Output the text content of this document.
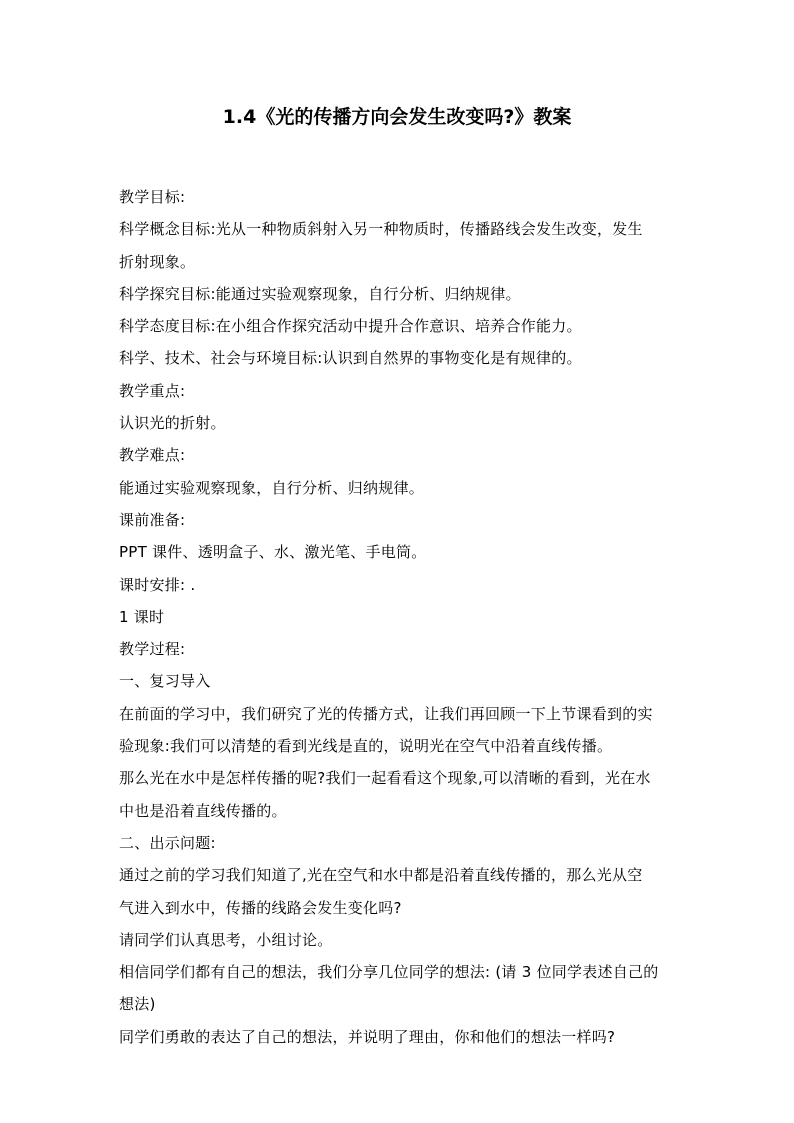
1.4《光的传播方向会发生改变吗?》教案
教学目标:
科学概念目标:光从一种物质斜射入另一种物质时，传播路线会发生改变，发生
折射现象。
科学探究目标:能通过实验观察现象，自行分析、归纳规律。
科学态度目标:在小组合作探究活动中提升合作意识、培养合作能力。
科学、技术、社会与环境目标:认识到自然界的事物变化是有规律的。
教学重点:
认识光的折射。
教学难点:
能通过实验观察现象，自行分析、归纳规律。
课前准备:
PPT 课件、透明盒子、水、激光笔、手电筒。
课时安排: .
1 课时
教学过程:
一、复习导入
在前面的学习中，我们研究了光的传播方式，让我们再回顾一下上节课看到的实
验现象:我们可以清楚的看到光线是直的，说明光在空气中沿着直线传播。
那么光在水中是怎样传播的呢?我们一起看看这个现象,可以清晰的看到，光在水
中也是沿着直线传播的。
二、出示问题:
通过之前的学习我们知道了,光在空气和水中都是沿着直线传播的，那么光从空
气进入到水中，传播的线路会发生变化吗?
请同学们认真思考，小组讨论。
相信同学们都有自己的想法，我们分享几位同学的想法: (请 3 位同学表述自己的
想法)
同学们勇敢的表达了自己的想法，并说明了理由，你和他们的想法一样吗?
